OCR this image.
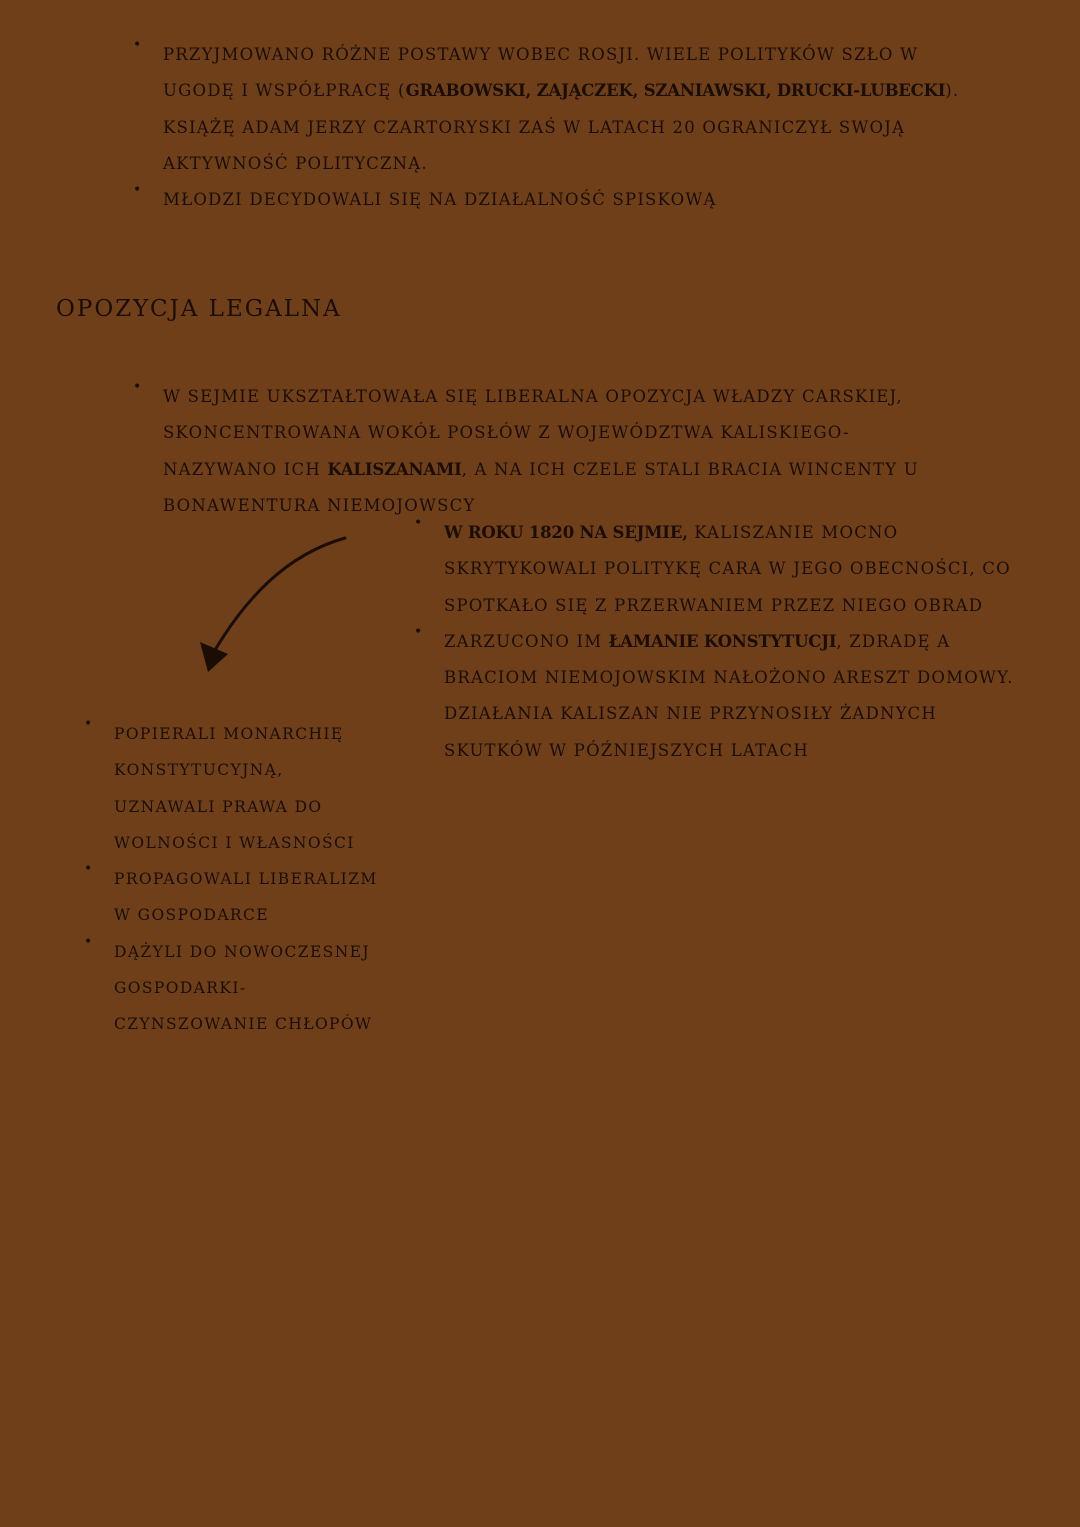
• PRZYJMOWANO RÓŻNE POSTAWY WOBEC ROSJI. WIELE POLITYKÓW SZŁO W
UGODĘ I WSPÓŁPRACĘ (GRABOWSKI, ZAJĄCZEK, SZANIAWSKI, DRUCKI-LUBECKI).
KSIĄŻĘ ADAM JERZY CZARTORYSKI ZAŚ W LATACH 20 OGRANICZYŁ SWOJĄ
AKTYWNOŚĆ POLITYCZNĄ.
• MŁODZI DECYDOWALI SIĘ NA DZIAŁALNOŚĆ SPISKOWĄ
OPOZYCJA LEGALNA
• W SEJMIE UKSZTAŁTOWAŁA SIĘ LIBERALNA OPOZYCJA WŁADZY CARSKIEJ,
SKONCENTROWANA WOKÓŁ POSŁÓW Z WOJEWÓDZTWA KALISKIEGO-
NAZYWANO ICH KALISZANAMI, A NA ICH CZELE STALI BRACIA WINCENTY U
BONAWENTURA NIEMOJOWSCY
• W ROKU 1820 NA SEJMIE, KALISZANIE MOCNO
SKRYTYKOWALI POLITYKĘ CARA W JEGO OBECNOŚCI, CO
SPOTKAŁO SIĘ Z PRZERWANIEM PRZEZ NIEGO OBRAD
• ZARZUCONO IM ŁAMANIE KONSTYTUCJI, ZDRADĘ A
BRACIOM NIEMOJOWSKIM NAŁOŻONO ARESZT DOMOWY.
DZIAŁANIA KALISZAN NIE PRZYNOSIŁY ŻADNYCH
SKUTKÓW W PÓŹNIEJSZYCH LATACH
•
POPIERALI MONARCHIĘ
KONSTYTUCYJNĄ,
UZNAWALI PRAWA DO
WOLNOŚCI I WŁASNOŚCI
•
PROPAGOWALI LIBERALIZM
W GOSPODARCE
•
DĄŻYLI DO NOWOCZESNEJ
GOSPODARKI-
CZYNSZOWANIE CHŁOPÓW
